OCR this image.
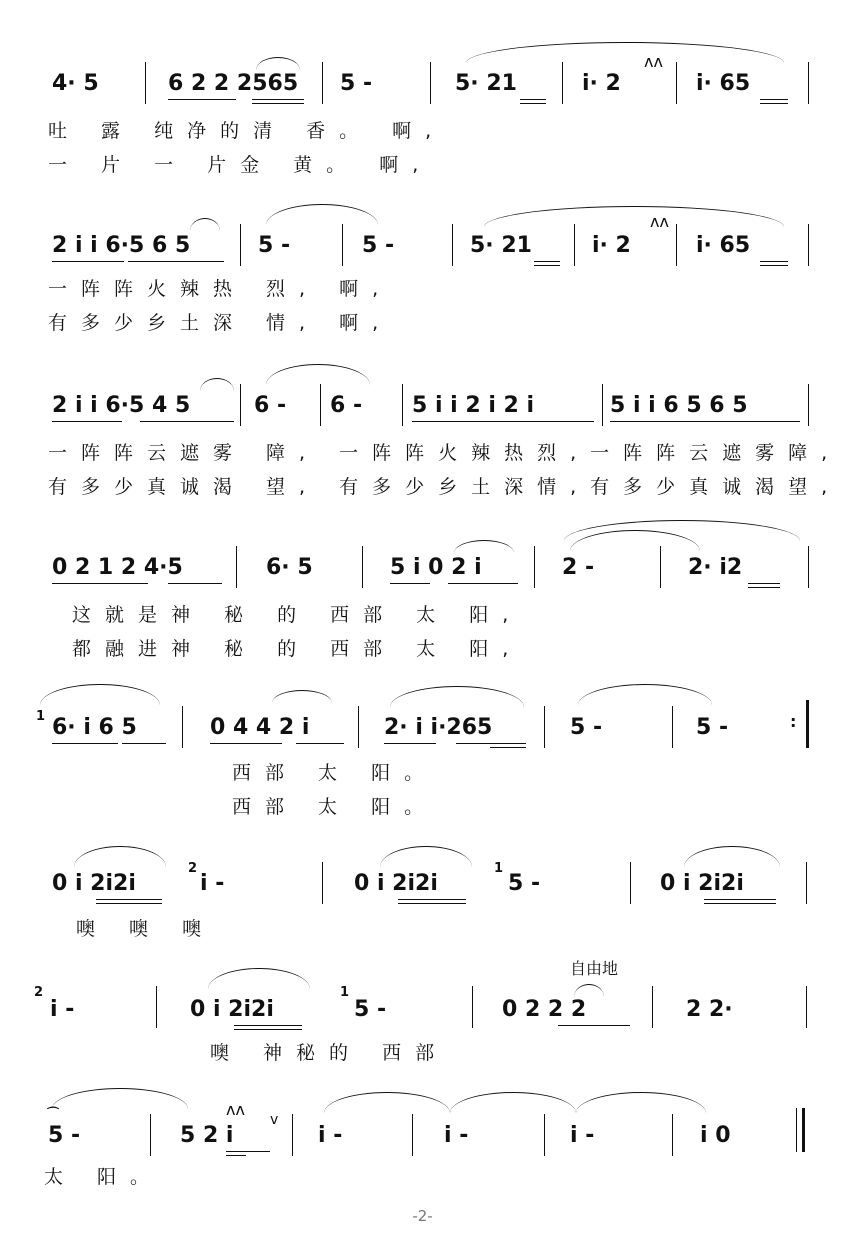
4· 5	6 2 2 2565 5 -	5· 21	i· 2	i· 65
ʌʌ
吐 露 纯净的清 香。 啊,
一 片 一 片金 黄。 啊,
2 i i 6·5 6 5	5 -	5 -	5· 21	i· 2	i· 65
ʌʌ
一阵阵火辣热 烈, 啊,
有多少乡土深 情, 啊,
2 i i 6·5 4 5	6 - 6 - 5 i i 2 i 2 i	5 i i 6 5 6 5
一阵阵云遮雾 障, 一阵阵火辣热烈,一阵阵云遮雾障,
有多少真诚渴 望, 有多少乡土深情,有多少真诚渴望,
0 2 1 2 4·5	6· 5	5 i 0 2 i	2 -	2· i2
这就是神 秘 的 西部 太 阳,
都融进神 秘 的 西部 太 阳,
1 6· i 6 5	0 4 4 2 i	2· i i·265	5 -	5 -	:
西部 太 阳。
西部 太 阳。
0 i 2i2i
2
i -	0 i 2i2i
1
5 -	0 i 2i2i
噢 噢 噢
2
i -	0 i 2i2i
1
5 -	0 2 2 2	2 2·
自由地
噢 神秘的 西部
⌒
5 -	5 2 i
v
i -	i -	i -	i 0
ʌʌ
太 阳。
-2-
